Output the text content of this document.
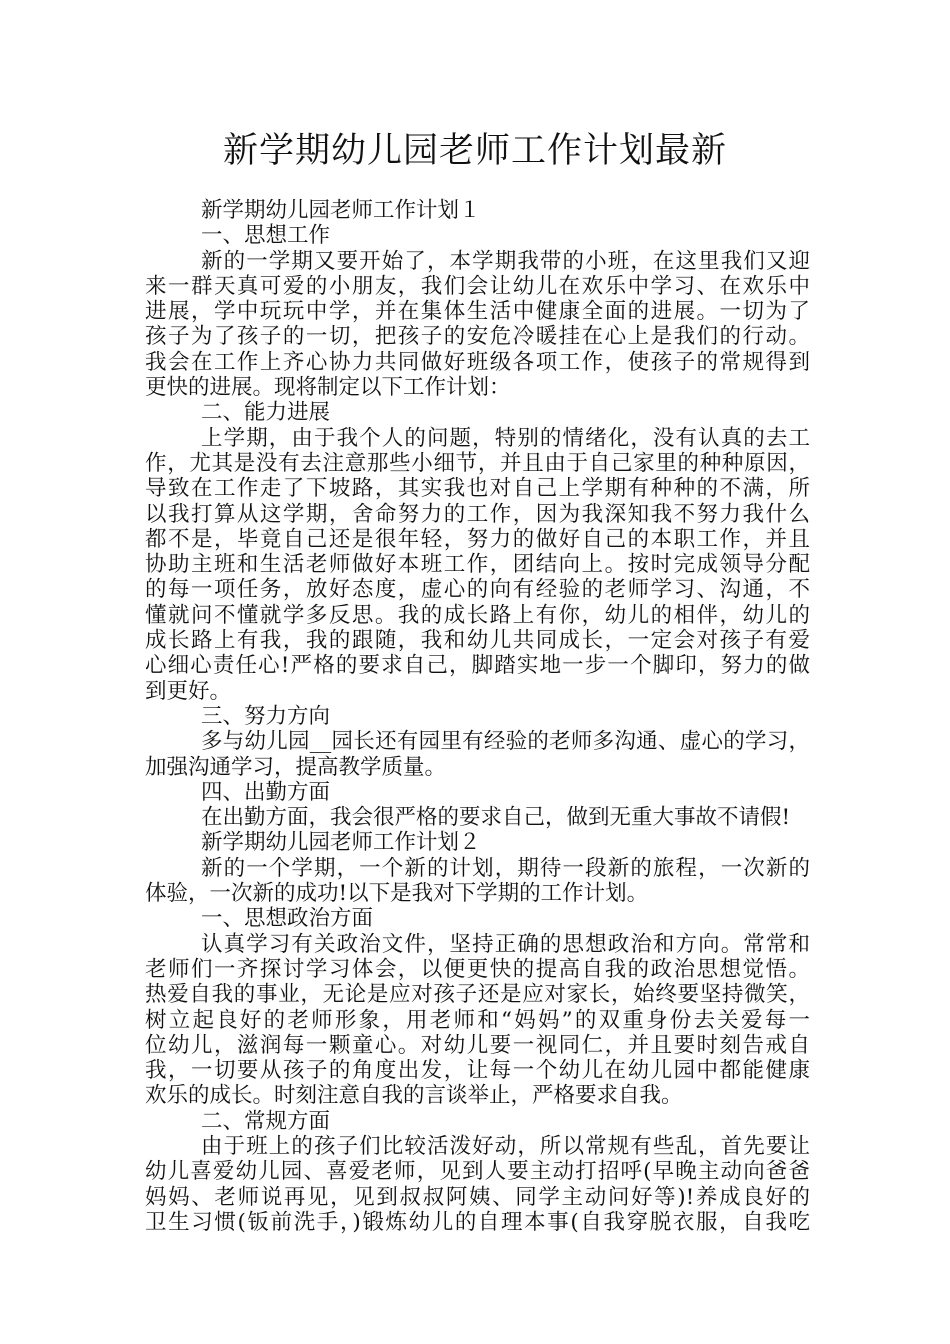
新学期幼儿园老师工作计划最新
新学期幼儿园老师工作计划１
一、思想工作
新的一学期又要开始了，本学期我带的小班，在这里我们又迎
来一群天真可爱的小朋友，我们会让幼儿在欢乐中学习、在欢乐中
进展，学中玩玩中学，并在集体生活中健康全面的进展。一切为了
孩子为了孩子的一切，把孩子的安危冷暖挂在心上是我们的行动。
我会在工作上齐心协力共同做好班级各项工作，使孩子的常规得到
更快的进展。现将制定以下工作计划：
二、能力进展
上学期，由于我个人的问题，特别的情绪化，没有认真的去工
作，尤其是没有去注意那些小细节，并且由于自己家里的种种原因，
导致在工作走了下坡路，其实我也对自己上学期有种种的不满，所
以我打算从这学期，舍命努力的工作，因为我深知我不努力我什么
都不是，毕竟自己还是很年轻，努力的做好自己的本职工作，并且
协助主班和生活老师做好本班工作，团结向上。按时完成领导分配
的每一项任务，放好态度，虚心的向有经验的老师学习、沟通，不
懂就问不懂就学多反思。我的成长路上有你，幼儿的相伴，幼儿的
成长路上有我，我的跟随，我和幼儿共同成长，一定会对孩子有爱
心细心责任心!严格的要求自己，脚踏实地一步一个脚印，努力的做
到更好。
三、努力方向
多与幼儿园__园长还有园里有经验的老师多沟通、虚心的学习，
加强沟通学习，提高教学质量。
四、出勤方面
在出勤方面，我会很严格的要求自己，做到无重大事故不请假!
新学期幼儿园老师工作计划２
新的一个学期，一个新的计划，期待一段新的旅程，一次新的
体验，一次新的成功!以下是我对下学期的工作计划。
一、思想政治方面
认真学习有关政治文件，坚持正确的思想政治和方向。常常和
老师们一齐探讨学习体会，以便更快的提高自我的政治思想觉悟。
热爱自我的事业，无论是应对孩子还是应对家长，始终要坚持微笑，
树立起良好的老师形象，用老师和“妈妈”的双重身份去关爱每一
位幼儿，滋润每一颗童心。对幼儿要一视同仁，并且要时刻告戒自
我，一切要从孩子的角度出发，让每一个幼儿在幼儿园中都能健康
欢乐的成长。时刻注意自我的言谈举止，严格要求自我。
二、常规方面
由于班上的孩子们比较活泼好动，所以常规有些乱，首先要让
幼儿喜爱幼儿园、喜爱老师，见到人要主动打招呼(早晚主动向爸爸
妈妈、老师说再见，见到叔叔阿姨、同学主动问好等)!养成良好的
卫生习惯(钣前洗手，)锻炼幼儿的自理本事(自我穿脱衣服，自我吃
